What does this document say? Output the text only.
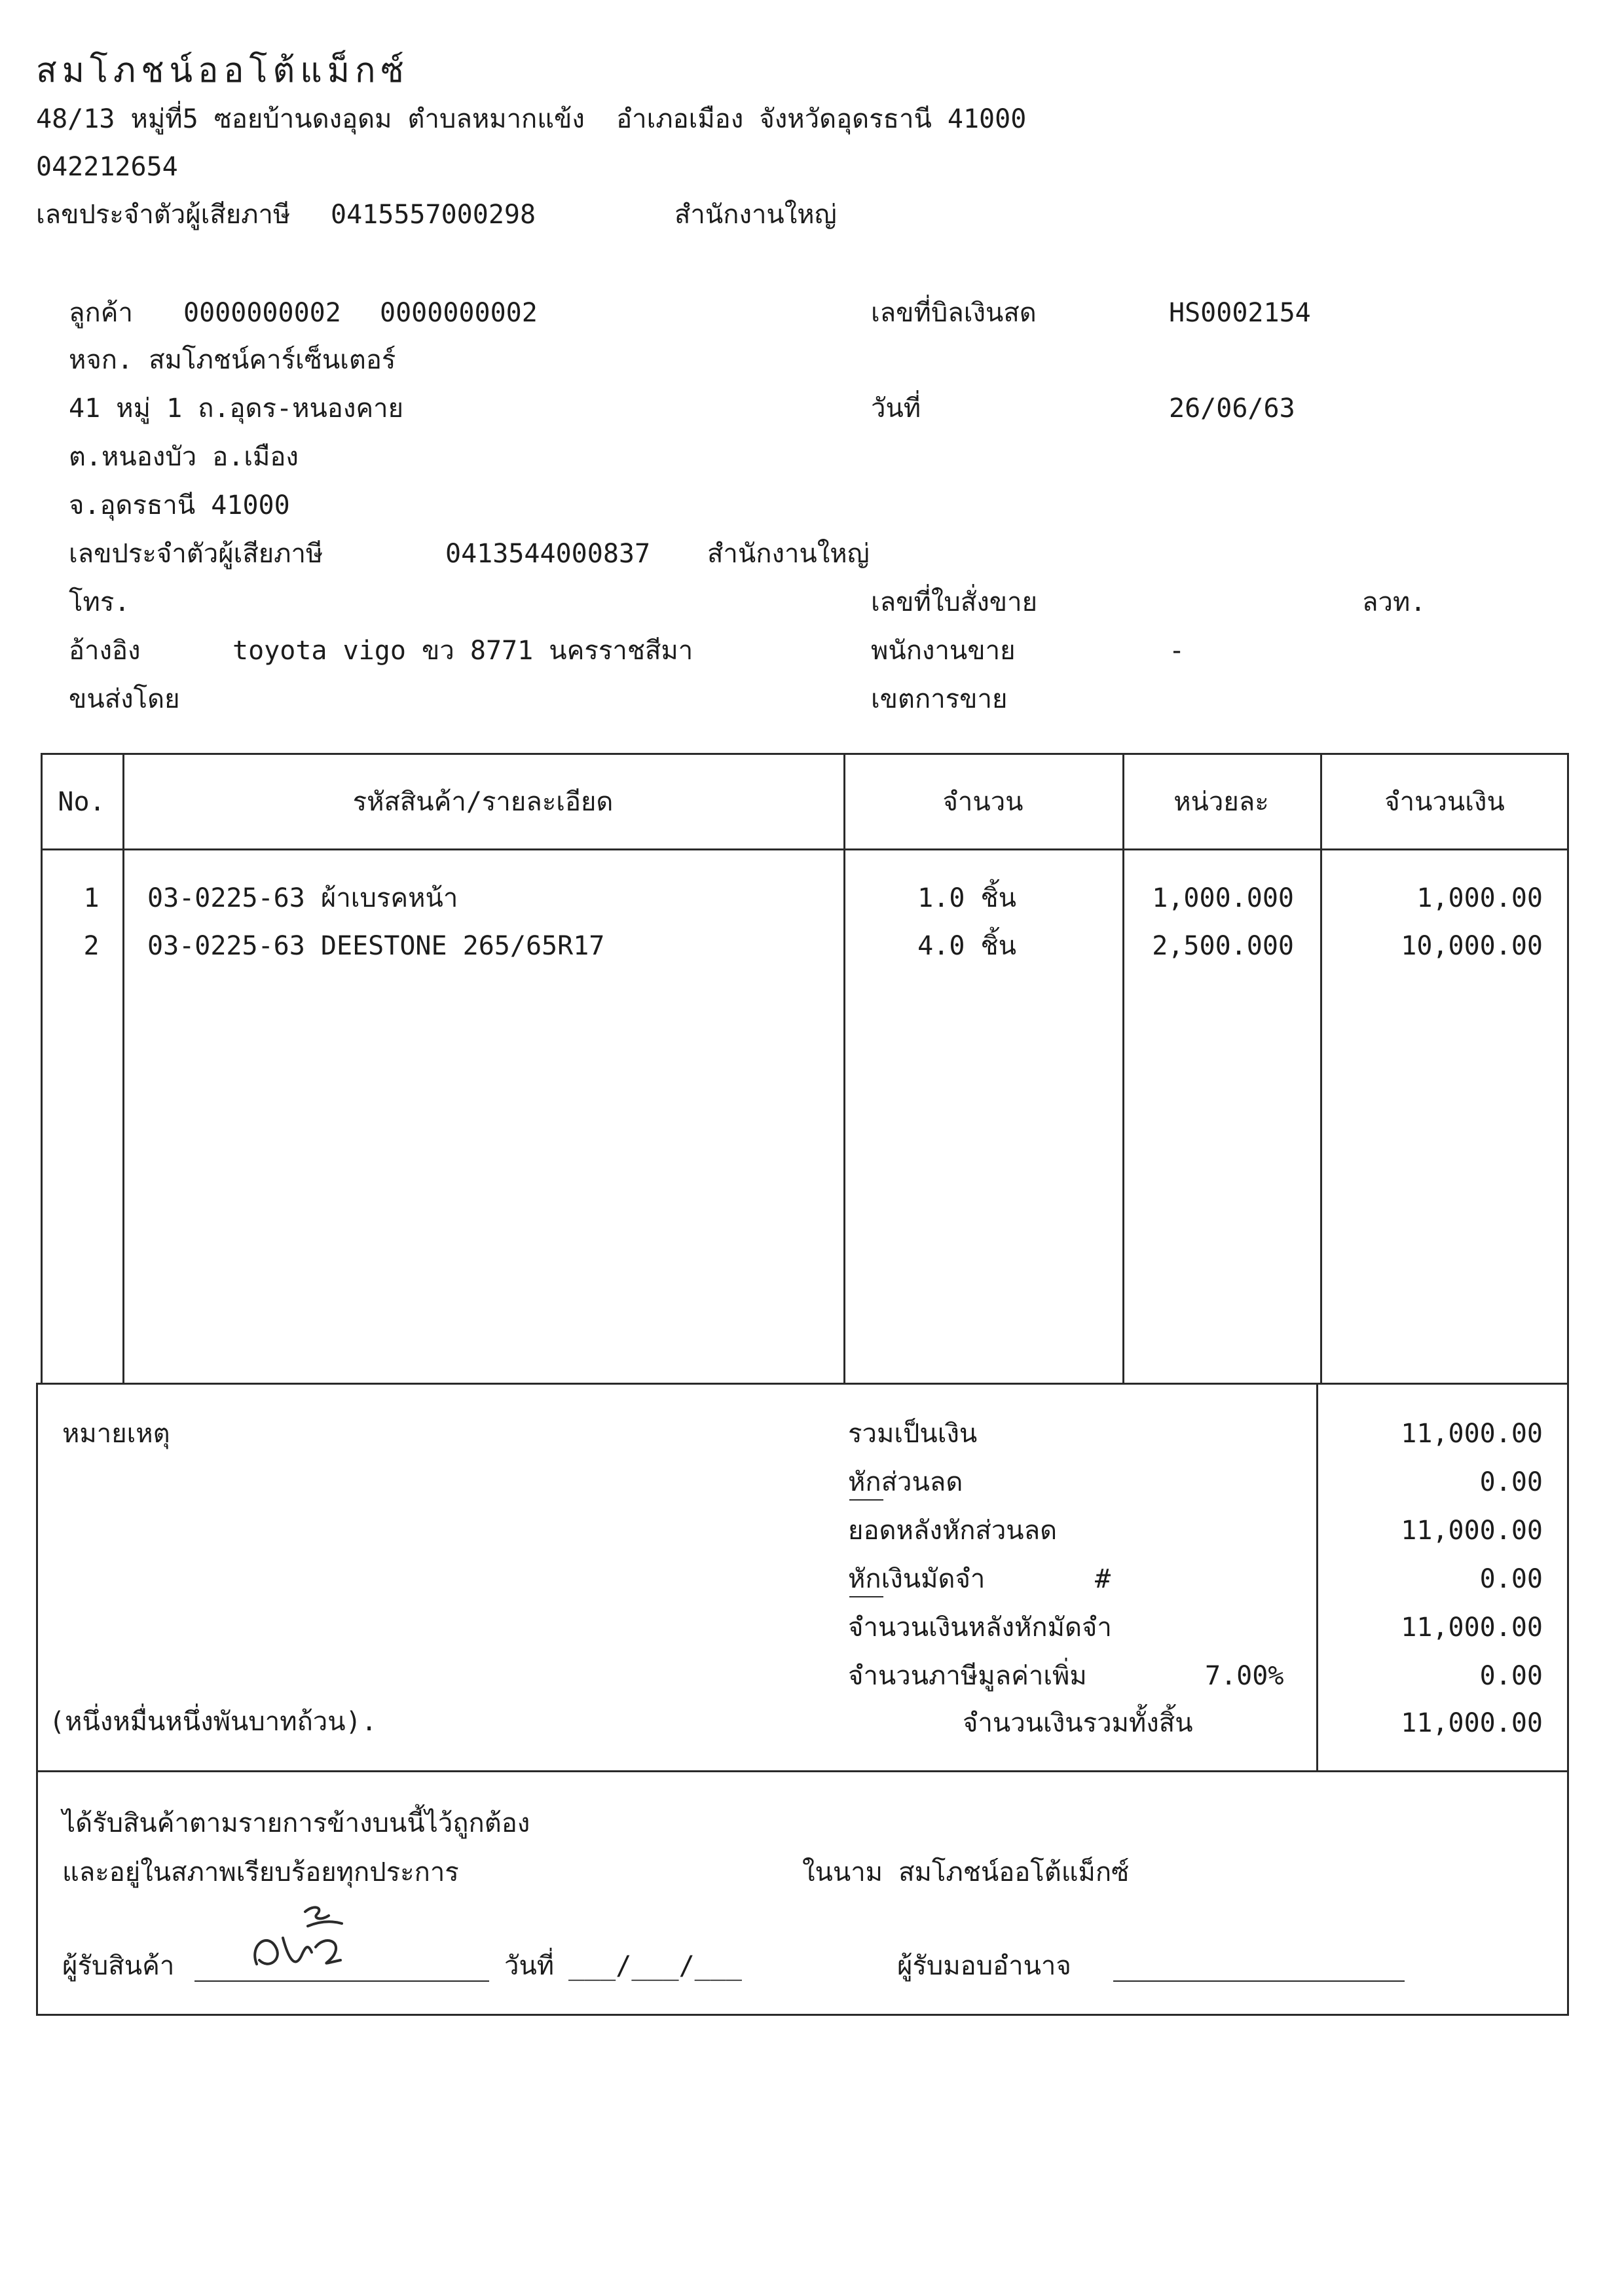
สมโภชน์ออโต้แม็กซ์
48/13 หมู่ที่5 ซอยบ้านดงอุดม ตำบลหมากแข้ง  อำเภอเมือง จังหวัดอุดรธานี 41000
042212654
เลขประจำตัวผู้เสียภาษี 0415557000298	สำนักงานใหญ่
ลูกค้า 0000000002 0000000002
หจก. สมโภชน์คาร์เซ็นเตอร์
41 หมู่ 1 ถ.อุดร-หนองคาย
ต.หนองบัว อ.เมือง
จ.อุดรธานี 41000
เลขประจำตัวผู้เสียภาษี	0413544000837 สำนักงานใหญ่
โทร.
อ้างอิง	toyota vigo ขว 8771 นครราชสีมา
ขนส่งโดย
เลขที่บิลเงินสด	HS0002154
วันที่	26/06/63
เลขที่ใบสั่งขาย	ลวท.
พนักงานขาย	-
เขตการขาย
No.	รหัสสินค้า/รายละเอียด	จำนวน	หน่วยละ	จำนวนเงิน
1	03-0225-63 ผ้าเบรคหน้า	1.0 ชิ้น	1,000.000	1,000.00
2	03-0225-63 DEESTONE 265/65R17	4.0 ชิ้น	2,500.000	10,000.00
หมายเหตุ
(หนึ่งหมื่นหนึ่งพันบาทถ้วน).
รวมเป็นเงิน	11,000.00
หักส่วนลด	0.00
ยอดหลังหักส่วนลด	11,000.00
หักเงินมัดจำ	#	0.00
จำนวนเงินหลังหักมัดจำ	11,000.00
จำนวนภาษีมูลค่าเพิ่ม	7.00%	0.00
จำนวนเงินรวมทั้งสิ้น	11,000.00
ได้รับสินค้าตามรายการข้างบนนี้ไว้ถูกต้อง
และอยู่ในสภาพเรียบร้อยทุกประการ	ในนาม สมโภชน์ออโต้แม็กซ์
ผู้รับสินค้า	วันที่ ___/___/___	ผู้รับมอบอำนาจ
